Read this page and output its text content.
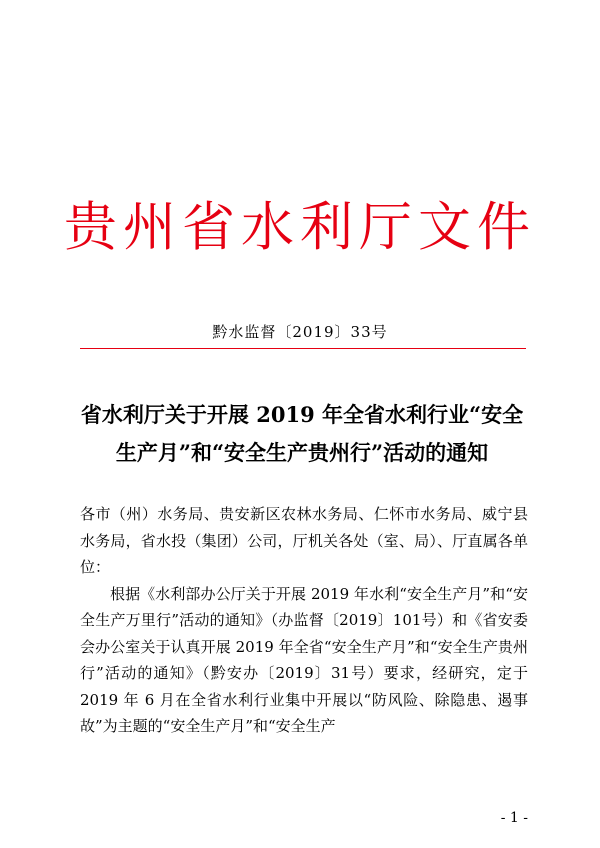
贵州省水利厅文件
黔水监督〔2019〕33号
省水利厅关于开展 2019 年全省水利行业“安全
生产月”和“安全生产贵州行”活动的通知

各市（州）水务局、贵安新区农林水务局、仁怀市水务局、威宁县水务局，省水投（集团）公司，厅机关各处（室、局）、厅直属各单位：

根据《水利部办公厅关于开展 2019 年水利“安全生产月”和“安全生产万里行”活动的通知》（办监督〔2019〕101号）和《省安委会办公室关于认真开展 2019 年全省“安全生产月”和“安全生产贵州行”活动的通知》（黔安办〔2019〕31号）要求，经研究，定于 2019 年 6 月在全省水利行业集中开展以“防风险、除隐患、遏事故”为主题的“安全生产月”和“安全生产

- 1 -
